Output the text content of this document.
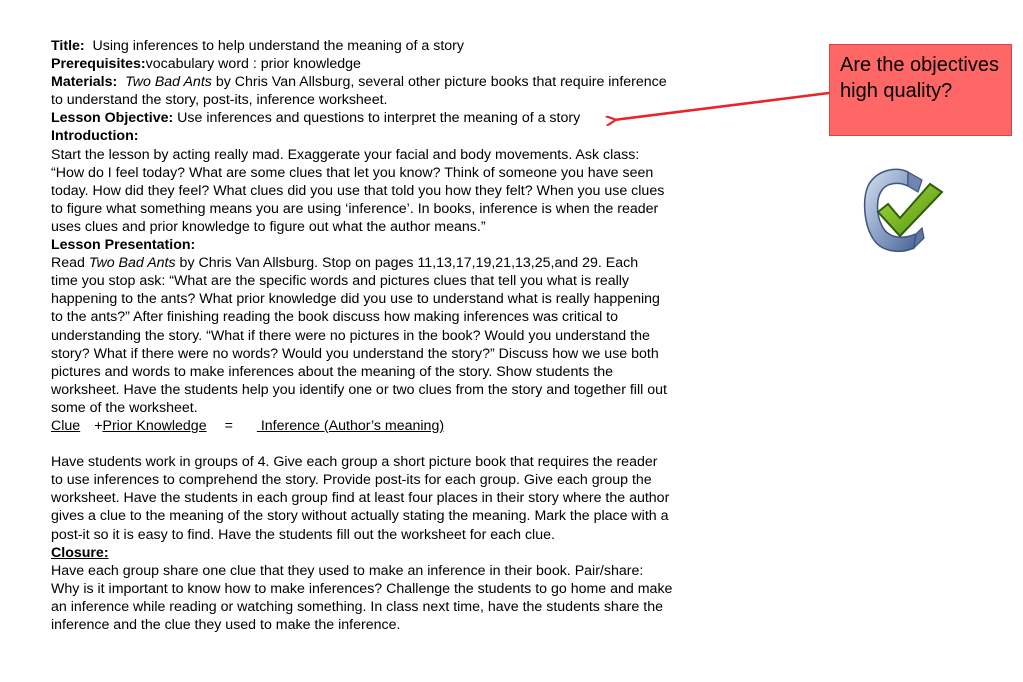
Title: Using inferences to help understand the meaning of a story

Prerequisites:vocabulary word : prior knowledge

Materials: Two Bad Ants by Chris Van Allsburg, several other picture books that require inference

to understand the story, post-its, inference worksheet.

Lesson Objective: Use inferences and questions to interpret the meaning of a story

Introduction:

Start the lesson by acting really mad. Exaggerate your facial and body movements. Ask class:

“How do I feel today? What are some clues that let you know? Think of someone you have seen

today. How did they feel? What clues did you use that told you how they felt? When you use clues

to figure what something means you are using ‘inference’. In books, inference is when the reader

uses clues and prior knowledge to figure out what the author means.”

Lesson Presentation:

Read Two Bad Ants by Chris Van Allsburg. Stop on pages 11,13,17,19,21,13,25,and 29. Each

time you stop ask: “What are the specific words and pictures clues that tell you what is really

happening to the ants? What prior knowledge did you use to understand what is really happening

to the ants?” After finishing reading the book discuss how making inferences was critical to

understanding the story. “What if there were no pictures in the book? Would you understand the

story? What if there were no words? Would you understand the story?” Discuss how we use both

pictures and words to make inferences about the meaning of the story. Show students the

worksheet. Have the students help you identify one or two clues from the story and together fill out

some of the worksheet.

Clue +Prior Knowledge = Inference (Author’s meaning)

Have students work in groups of 4. Give each group a short picture book that requires the reader

to use inferences to comprehend the story. Provide post-its for each group. Give each group the

worksheet. Have the students in each group find at least four places in their story where the author

gives a clue to the meaning of the story without actually stating the meaning. Mark the place with a

post-it so it is easy to find. Have the students fill out the worksheet for each clue.

Closure:

Have each group share one clue that they used to make an inference in their book. Pair/share:

Why is it important to know how to make inferences? Challenge the students to go home and make

an inference while reading or watching something. In class next time, have the students share the

inference and the clue they used to make the inference.

Are the objectives high quality?
